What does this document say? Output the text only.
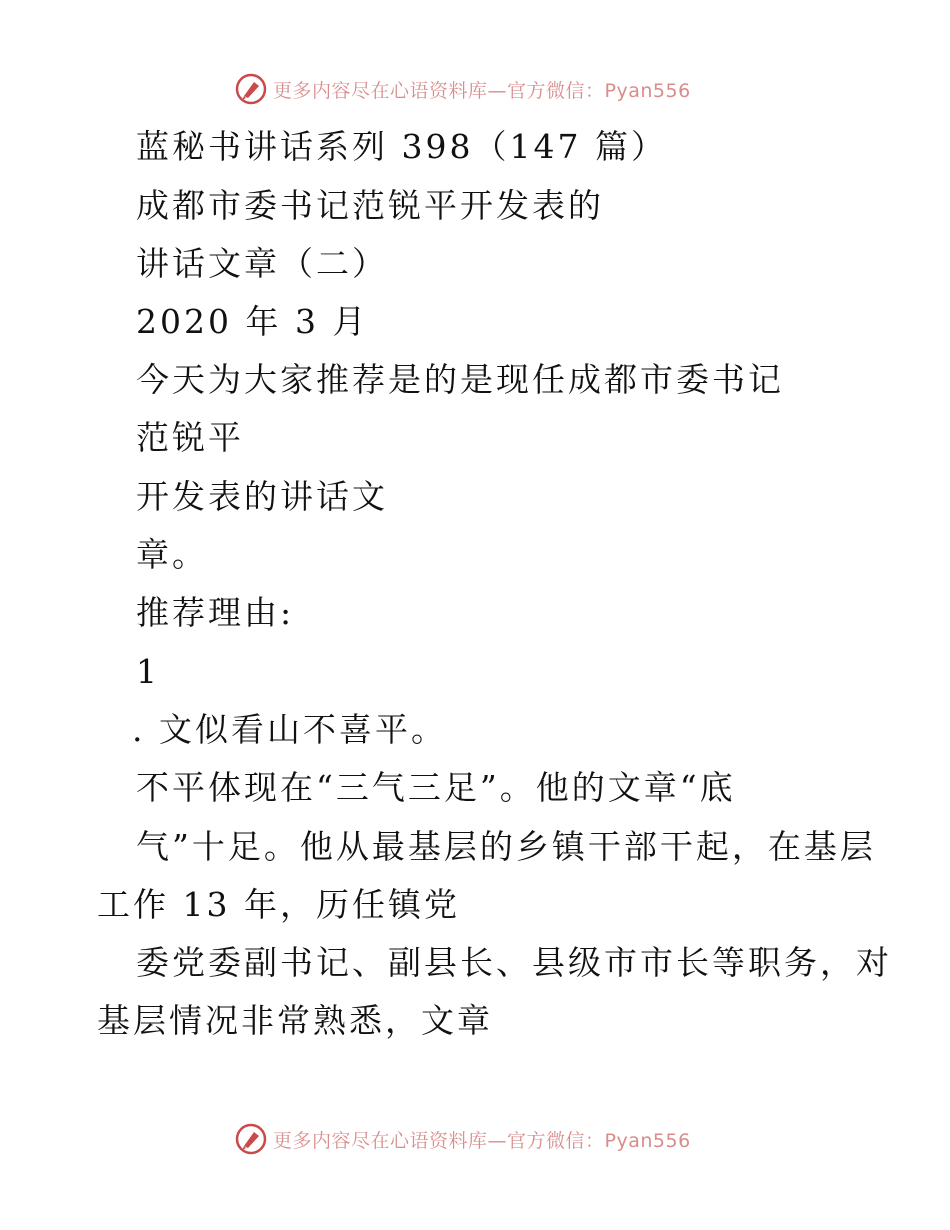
更多内容尽在心语资料库—官方微信：Pyan556
蓝秘书讲话系列 398（147 篇）
成都市委书记范锐平开发表的
讲话文章（二）
2020 年 3 月
今天为大家推荐是的是现任成都市委书记
范锐平
开发表的讲话文
章。
推荐理由:
1
. 文似看山不喜平。
不平体现在“三气三足”。他的文章“底
气”十足。他从最基层的乡镇干部干起，在基层
工作 13 年，历任镇党
委党委副书记、副县长、县级市市长等职务，对
基层情况非常熟悉，文章
更多内容尽在心语资料库—官方微信：Pyan556
